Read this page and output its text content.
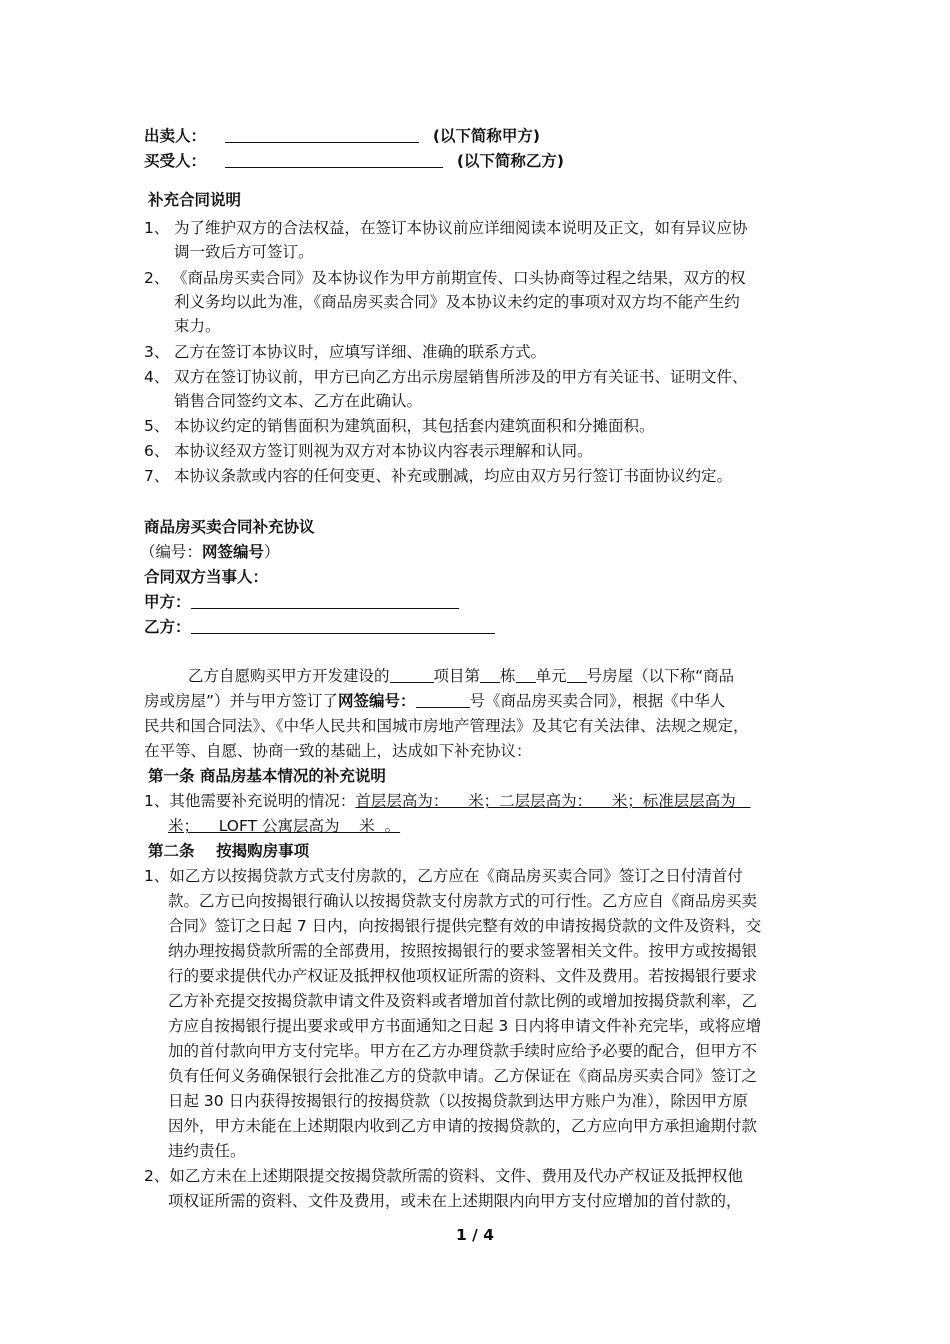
出卖人：	(以下简称甲方)
买受人：	(以下简称乙方)
补充合同说明
1、 为了维护双方的合法权益，在签订本协议前应详细阅读本说明及正文，如有异议应协
调一致后方可签订。
2、 《商品房买卖合同》及本协议作为甲方前期宣传、口头协商等过程之结果，双方的权
利义务均以此为准，《商品房买卖合同》及本协议未约定的事项对双方均不能产生约
束力。
3、 乙方在签订本协议时，应填写详细、准确的联系方式。
4、 双方在签订协议前，甲方已向乙方出示房屋销售所涉及的甲方有关证书、证明文件、
销售合同签约文本、乙方在此确认。
5、 本协议约定的销售面积为建筑面积，其包括套内建筑面积和分摊面积。
6、 本协议经双方签订则视为双方对本协议内容表示理解和认同。
7、 本协议条款或内容的任何变更、补充或删减，均应由双方另行签订书面协议约定。
商品房买卖合同补充协议
（编号：网签编号）
合同双方当事人：
甲方：
乙方：
乙方自愿购买甲方开发建设的	项目第 栋 单元 号房屋（以下称“商品
房或房屋”）并与甲方签订了网签编号：	号《商品房买卖合同》，根据《中华人
民共和国合同法》、《中华人民共和国城市房地产管理法》及其它有关法律、法规之规定，
在平等、自愿、协商一致的基础上，达成如下补充协议：
第一条 商品房基本情况的补充说明
1、其他需要补充说明的情况：首层层高为：    米；二层层高为：    米；标准层层高为
米；    LOFT 公寓层高为    米  。
第二条    按揭购房事项
1、如乙方以按揭贷款方式支付房款的，乙方应在《商品房买卖合同》签订之日付清首付
款。乙方已向按揭银行确认以按揭贷款支付房款方式的可行性。乙方应自《商品房买卖
合同》签订之日起 7 日内，向按揭银行提供完整有效的申请按揭贷款的文件及资料，交
纳办理按揭贷款所需的全部费用，按照按揭银行的要求签署相关文件。按甲方或按揭银
行的要求提供代办产权证及抵押权他项权证所需的资料、文件及费用。若按揭银行要求
乙方补充提交按揭贷款申请文件及资料或者增加首付款比例的或增加按揭贷款利率，乙
方应自按揭银行提出要求或甲方书面通知之日起 3 日内将申请文件补充完毕，或将应增
加的首付款向甲方支付完毕。甲方在乙方办理贷款手续时应给予必要的配合，但甲方不
负有任何义务确保银行会批准乙方的贷款申请。乙方保证在《商品房买卖合同》签订之
日起 30 日内获得按揭银行的按揭贷款（以按揭贷款到达甲方账户为准），除因甲方原
因外，甲方未能在上述期限内收到乙方申请的按揭贷款的，乙方应向甲方承担逾期付款
违约责任。
2、如乙方未在上述期限提交按揭贷款所需的资料、文件、费用及代办产权证及抵押权他
项权证所需的资料、文件及费用，或未在上述期限内向甲方支付应增加的首付款的，
1 / 4
